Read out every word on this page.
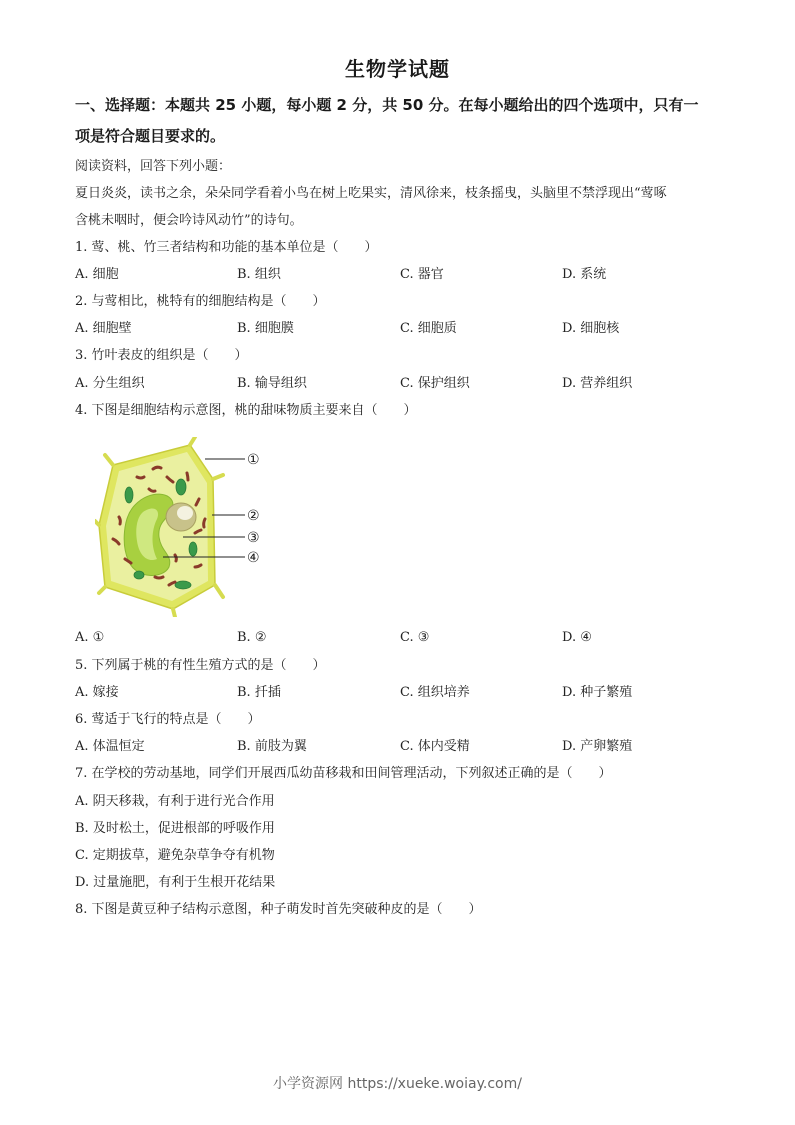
生物学试题
一、选择题：本题共 25 小题，每小题 2 分，共 50 分。在每小题给出的四个选项中，只有一
项是符合题目要求的。
阅读资料，回答下列小题：
夏日炎炎，读书之余，朵朵同学看着小鸟在树上吃果实，清风徐来，枝条摇曳，头脑里不禁浮现出“莺啄
含桃未咽时，便会吟诗风动竹”的诗句。
1. 莺、桃、竹三者结构和功能的基本单位是（　　）
A. 细胞	B. 组织	C. 器官	D. 系统
2. 与莺相比，桃特有的细胞结构是（　　）
A. 细胞壁	B. 细胞膜	C. 细胞质	D. 细胞核
3. 竹叶表皮的组织是（　　）
A. 分生组织	B. 输导组织	C. 保护组织	D. 营养组织
4. 下图是细胞结构示意图，桃的甜味物质主要来自（　　）
①
②
③
④
A. ①	B. ②	C. ③	D. ④
5. 下列属于桃的有性生殖方式的是（　　）
A. 嫁接	B. 扦插	C. 组织培养	D. 种子繁殖
6. 莺适于飞行的特点是（　　）
A. 体温恒定	B. 前肢为翼	C. 体内受精	D. 产卵繁殖
7. 在学校的劳动基地，同学们开展西瓜幼苗移栽和田间管理活动，下列叙述正确的是（　　）
A. 阴天移栽，有利于进行光合作用
B. 及时松土，促进根部的呼吸作用
C. 定期拔草，避免杂草争夺有机物
D. 过量施肥，有利于生根开花结果
8. 下图是黄豆种子结构示意图，种子萌发时首先突破种皮的是（　　）
小学资源网 https://xueke.woiay.com/
